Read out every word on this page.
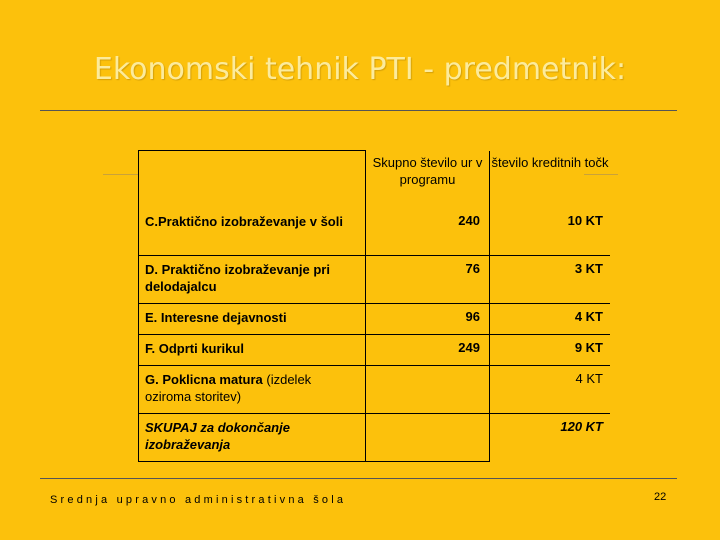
Ekonomski tehnik PTI - predmetnik:
	Skupno število ur v programu	število kreditnih točk

C.Praktično izobraževanje v šoli	240	10 KT

D. Praktično izobraževanje pri delodajalcu	76	3 KT

E. Interesne dejavnosti	96	4 KT

F. Odprti kurikul	249	9 KT

G. Poklicna matura (izdelek oziroma storitev)		4 KT

SKUPAJ za dokončanje izobraževanja		120 KT
Srednja upravno administrativna šola	22
